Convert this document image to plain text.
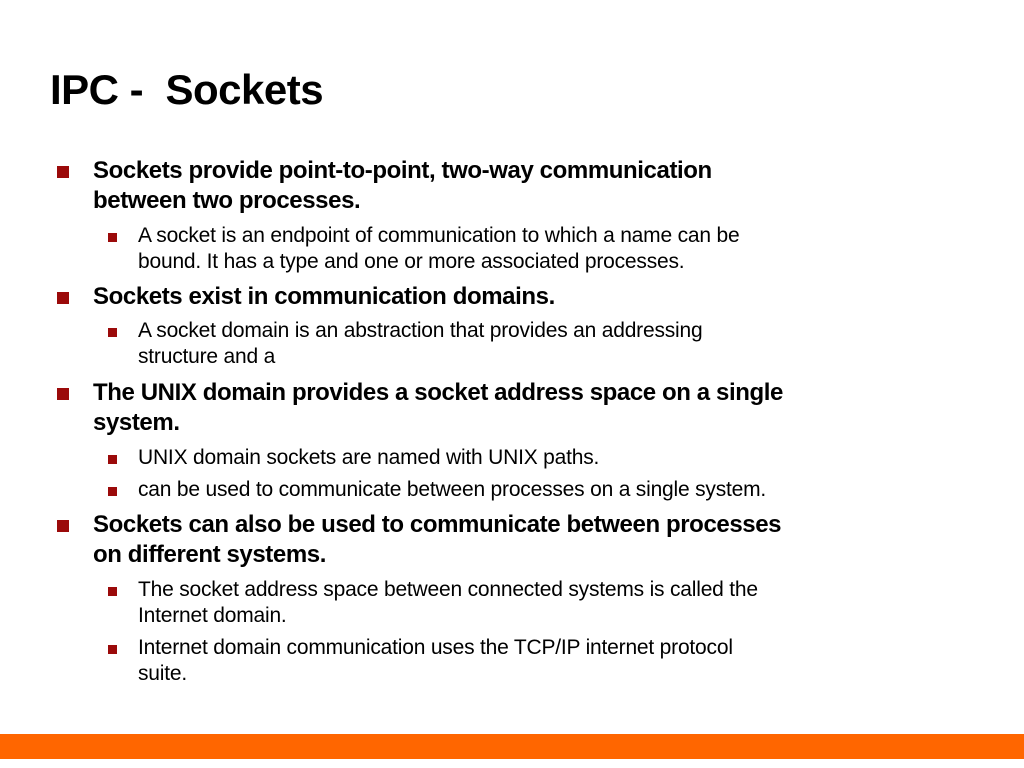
IPC -  Sockets
Sockets provide point-to-point, two-way communication
between two processes.
A socket is an endpoint of communication to which a name can be
bound. It has a type and one or more associated processes.
Sockets exist in communication domains.
A socket domain is an abstraction that provides an addressing
structure and a
The UNIX domain provides a socket address space on a single
system.
UNIX domain sockets are named with UNIX paths.
can be used to communicate between processes on a single system.
Sockets can also be used to communicate between processes
on different systems.
The socket address space between connected systems is called the
Internet domain.
Internet domain communication uses the TCP/IP internet protocol
suite.
